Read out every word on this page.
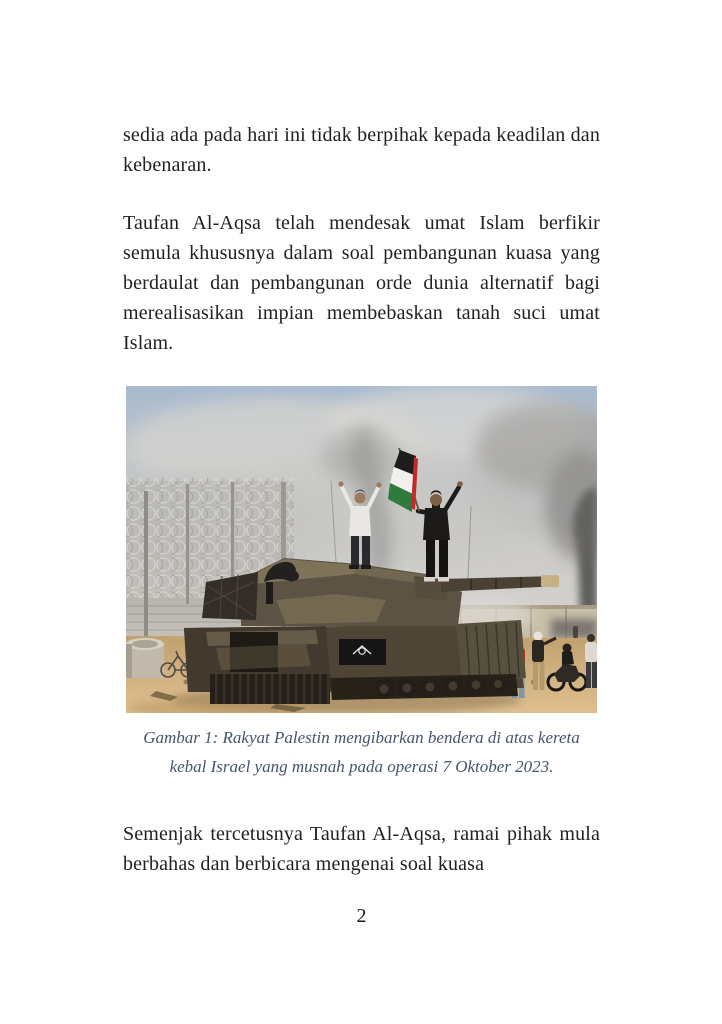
sedia ada pada hari ini tidak berpihak kepada keadilan dan kebenaran.

Taufan Al-Aqsa telah mendesak umat Islam berfikir semula khususnya dalam soal pembangunan kuasa yang berdaulat dan pembangunan orde dunia alternatif bagi merealisasikan impian membebaskan tanah suci umat Islam.

Gambar 1: Rakyat Palestin mengibarkan bendera di atas kereta kebal Israel yang musnah pada operasi 7 Oktober 2023.

Semenjak tercetusnya Taufan Al-Aqsa, ramai pihak mula berbahas dan berbicara mengenai soal kuasa

2
